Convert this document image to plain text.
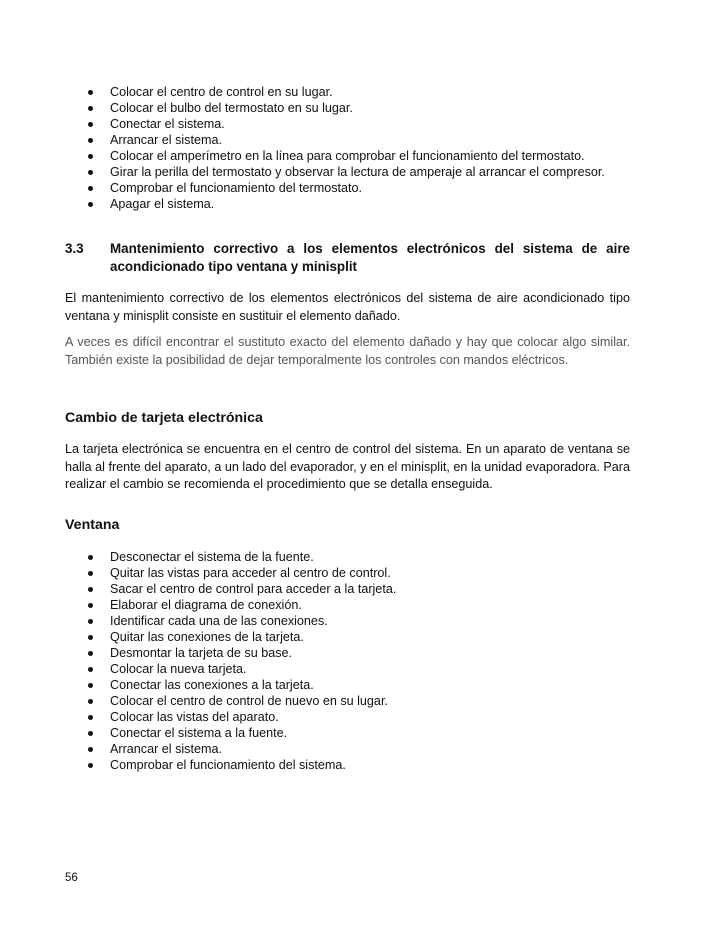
Colocar el centro de control en su lugar.
Colocar el bulbo del termostato en su lugar.
Conectar el sistema.
Arrancar el sistema.
Colocar el amperímetro en la línea para comprobar el funcionamiento del termostato.
Girar la perilla del termostato y observar la lectura de amperaje al arrancar el compresor.
Comprobar el funcionamiento del termostato.
Apagar el sistema.
3.3 Mantenimiento correctivo a los elementos electrónicos del sistema de aire acondicionado tipo ventana y minisplit
El mantenimiento correctivo de los elementos electrónicos del sistema de aire acondicionado tipo ventana y minisplit consiste en sustituir el elemento dañado.
A veces es difícil encontrar el sustituto exacto del elemento dañado y hay que colocar algo similar. También existe la posibilidad de dejar temporalmente los controles con mandos eléctricos.
Cambio de tarjeta electrónica
La tarjeta electrónica se encuentra en el centro de control del sistema. En un aparato de ventana se halla al frente del aparato, a un lado del evaporador, y en el minisplit, en la unidad evaporadora. Para realizar el cambio se recomienda el procedimiento que se detalla enseguida.
Ventana
Desconectar el sistema de la fuente.
Quitar las vistas para acceder al centro de control.
Sacar el centro de control para acceder a la tarjeta.
Elaborar el diagrama de conexión.
Identificar cada una de las conexiones.
Quitar las conexiones de la tarjeta.
Desmontar la tarjeta de su base.
Colocar la nueva tarjeta.
Conectar las conexiones a la tarjeta.
Colocar el centro de control de nuevo en su lugar.
Colocar las vistas del aparato.
Conectar el sistema a la fuente.
Arrancar el sistema.
Comprobar el funcionamiento del sistema.
56
